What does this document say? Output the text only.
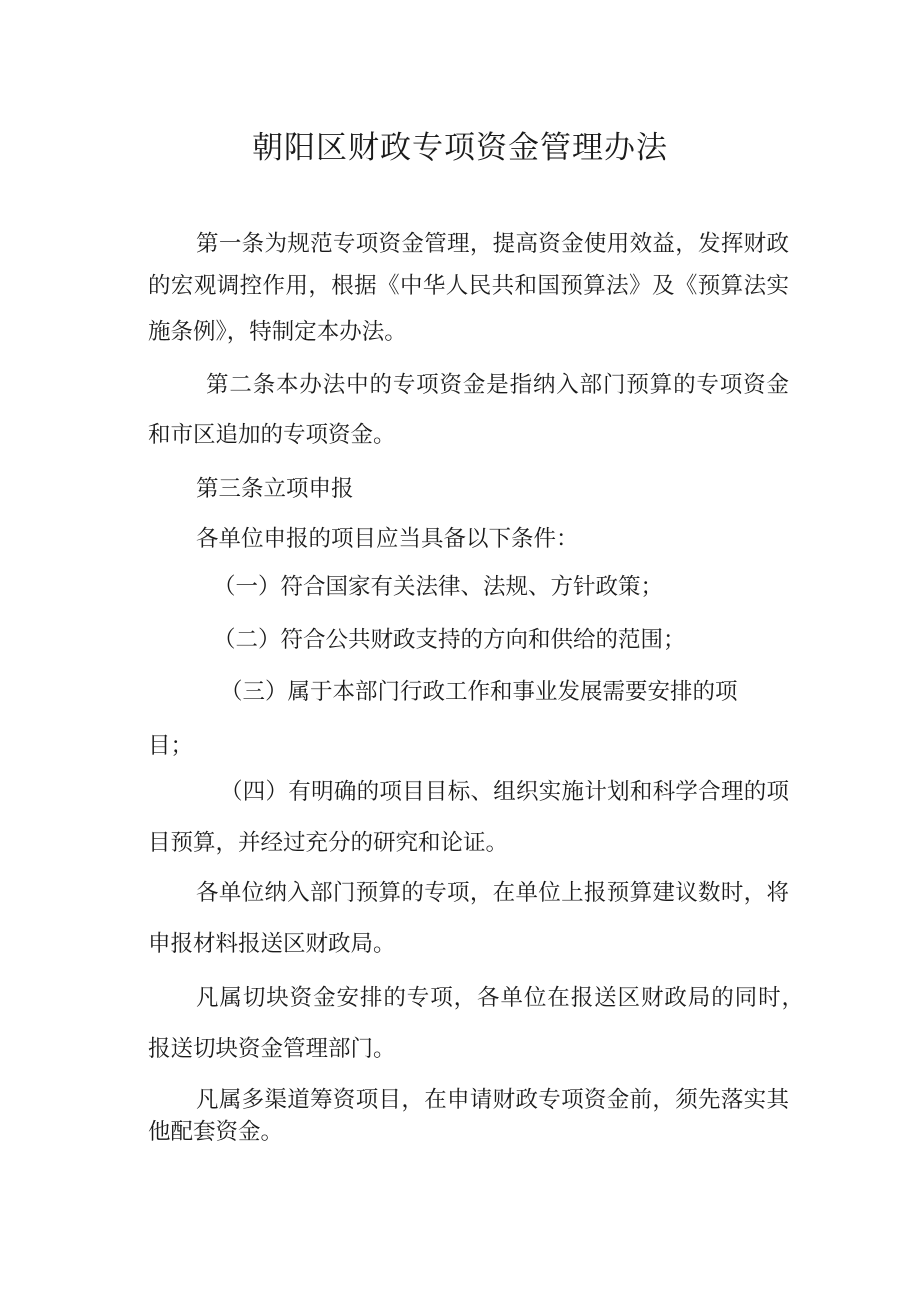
朝阳区财政专项资金管理办法
第一条为规范专项资金管理，提高资金使用效益，发挥财政
的宏观调控作用，根据《中华人民共和国预算法》及《预算法实
施条例》，特制定本办法。
第二条本办法中的专项资金是指纳入部门预算的专项资金
和市区追加的专项资金。
第三条立项申报
各单位申报的项目应当具备以下条件：
（一）符合国家有关法律、法规、方针政策；
（二）符合公共财政支持的方向和供给的范围；
（三）属于本部门行政工作和事业发展需要安排的项
目；
（四）有明确的项目目标、组织实施计划和科学合理的项
目预算，并经过充分的研究和论证。
各单位纳入部门预算的专项，在单位上报预算建议数时，将
申报材料报送区财政局。
凡属切块资金安排的专项，各单位在报送区财政局的同时，
报送切块资金管理部门。
凡属多渠道筹资项目，在申请财政专项资金前，须先落实其
他配套资金。
